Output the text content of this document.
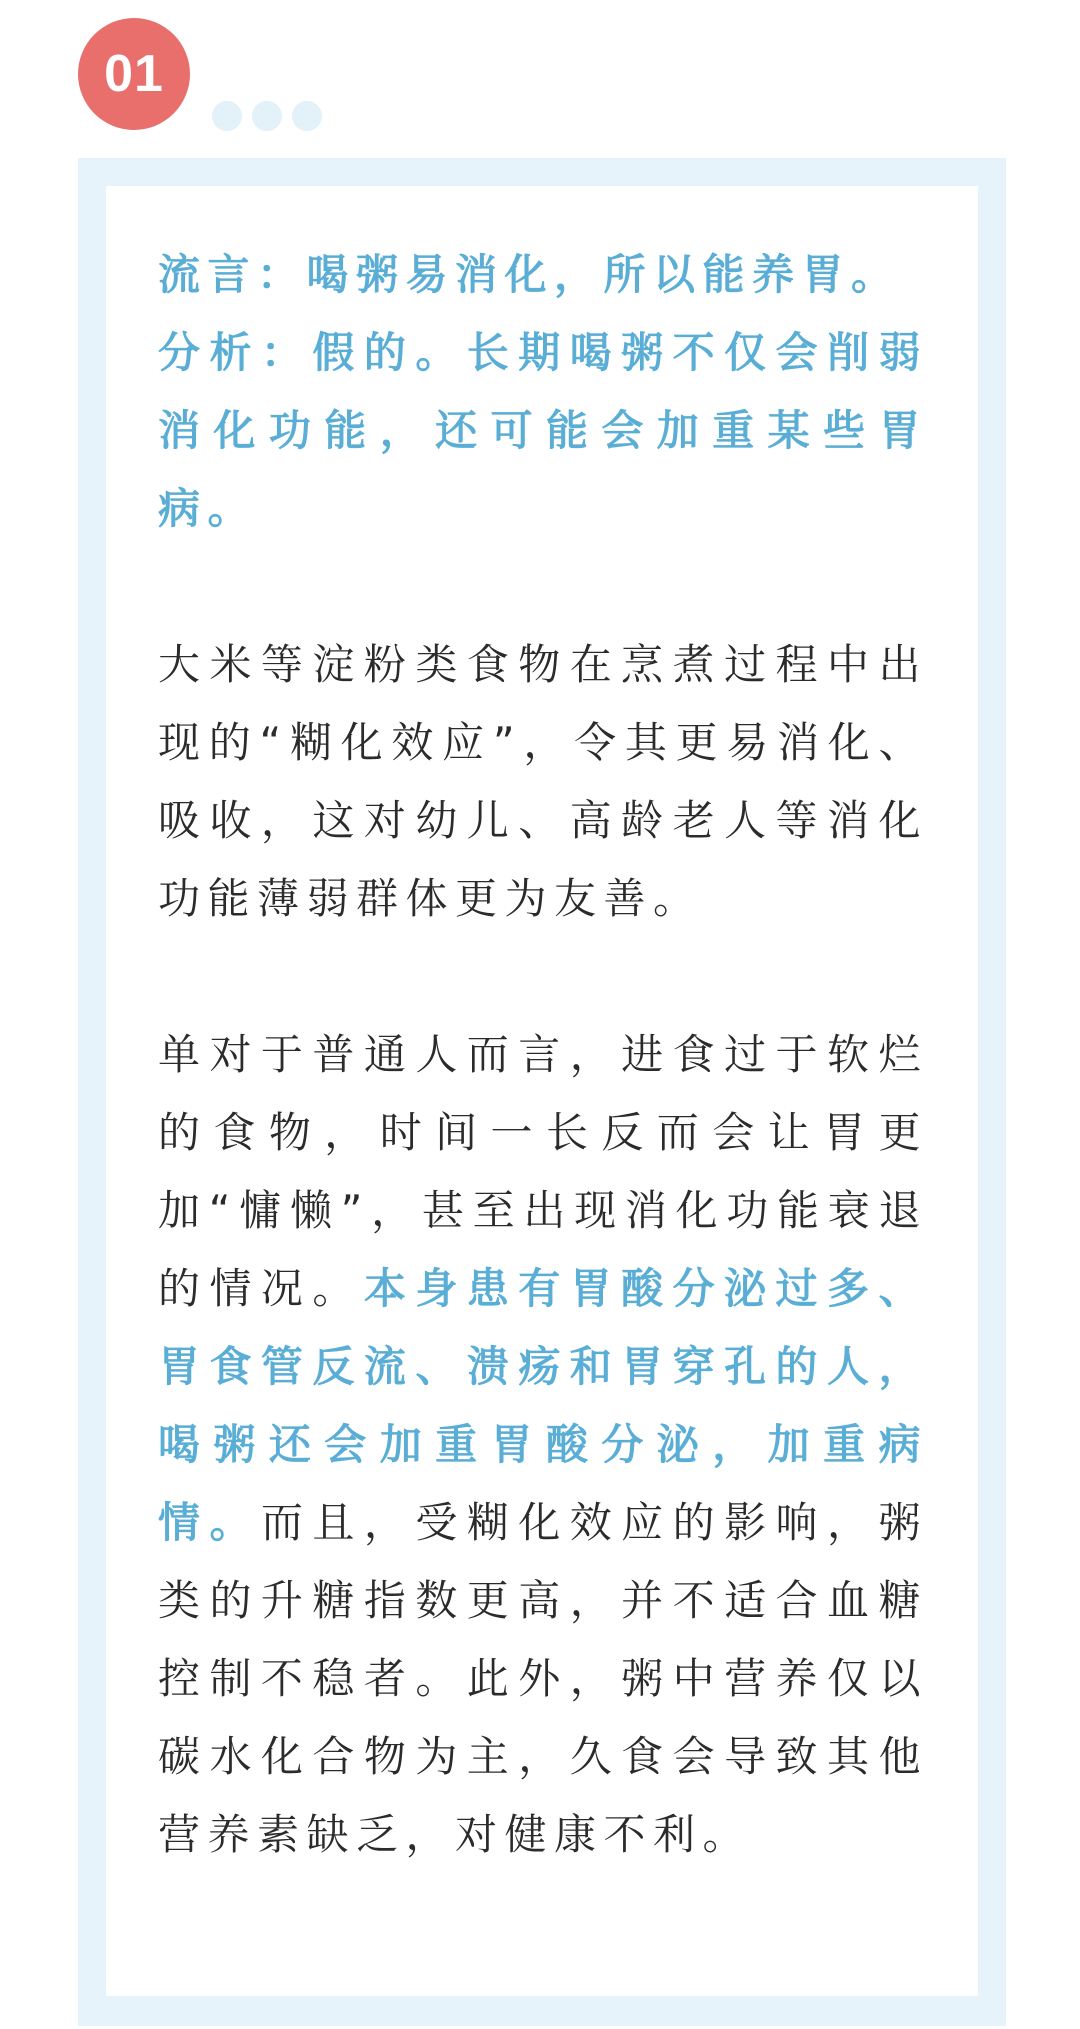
01

流言：喝粥易消化，所以能养胃。
分析：假的。长期喝粥不仅会削弱消化功能，还可能会加重某些胃病。

大米等淀粉类食物在烹煮过程中出现的“糊化效应”，令其更易消化、吸收，这对幼儿、高龄老人等消化功能薄弱群体更为友善。

单对于普通人而言，进食过于软烂的食物，时间一长反而会让胃更加“慵懒”，甚至出现消化功能衰退的情况。本身患有胃酸分泌过多、胃食管反流、溃疡和胃穿孔的人，喝粥还会加重胃酸分泌，加重病情。而且，受糊化效应的影响，粥类的升糖指数更高，并不适合血糖控制不稳者。此外，粥中营养仅以碳水化合物为主，久食会导致其他营养素缺乏，对健康不利。
